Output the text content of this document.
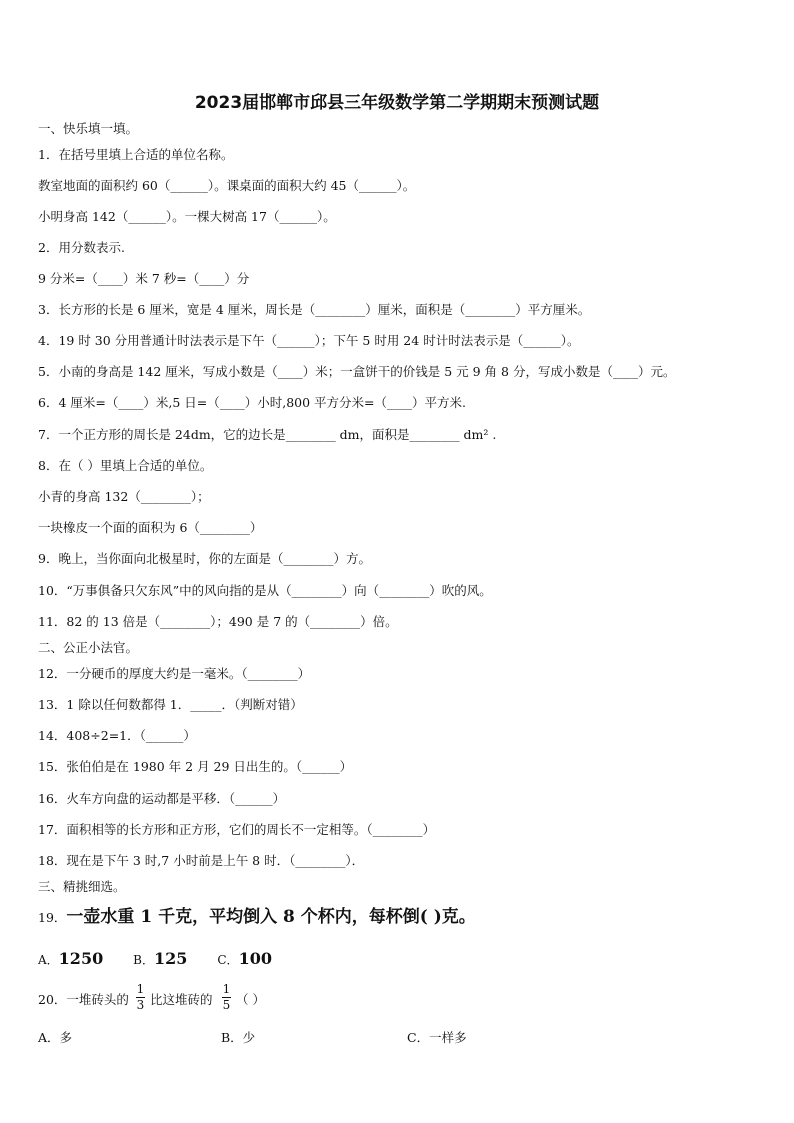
2023届邯郸市邱县三年级数学第二学期期末预测试题
一、快乐填一填。
1．在括号里填上合适的单位名称。
教室地面的面积约 60（______）。课桌面的面积大约 45（______）。
小明身高 142（______）。一棵大树高 17（______）。
2．用分数表示.
9 分米=（____）米 7 秒=（____）分
3．长方形的长是 6 厘米，宽是 4 厘米，周长是（________）厘米，面积是（________）平方厘米。
4．19 时 30 分用普通计时法表示是下午（______）；下午 5 时用 24 时计时法表示是（______）。
5．小南的身高是 142 厘米，写成小数是（____）米；一盒饼干的价钱是 5 元 9 角 8 分，写成小数是（____）元。
6．4 厘米=（____）米,5 日=（____）小时,800 平方分米=（____）平方米.
7．一个正方形的周长是 24dm，它的边长是________ dm，面积是________ dm² .
8．在（ ）里填上合适的单位。
小青的身高 132（________）；
一块橡皮一个面的面积为 6（________）
9．晚上，当你面向北极星时，你的左面是（________）方。
10．“万事俱备只欠东风”中的风向指的是从（________）向（________）吹的风。
11．82 的 13 倍是（________）；490 是 7 的（________）倍。
二、公正小法官。
12．一分硬币的厚度大约是一毫米。（________）
13．1 除以任何数都得 1．_____．（判断对错）
14．408÷2=1．（______）
15．张伯伯是在 1980 年 2 月 29 日出生的。（______）
16．火车方向盘的运动都是平移．（______）
17．面积相等的长方形和正方形，它们的周长不一定相等。（________）
18．现在是下午 3 时,7 小时前是上午 8 时．（________）．
三、精挑细选。
19．一壶水重 1 千克，平均倒入 8 个杯内，每杯倒( )克。
A．1250 B．125 C．100
20．一堆砖头的
1
3 比这堆砖的
1
5 （ ）
A．多	B．少	C．一样多
